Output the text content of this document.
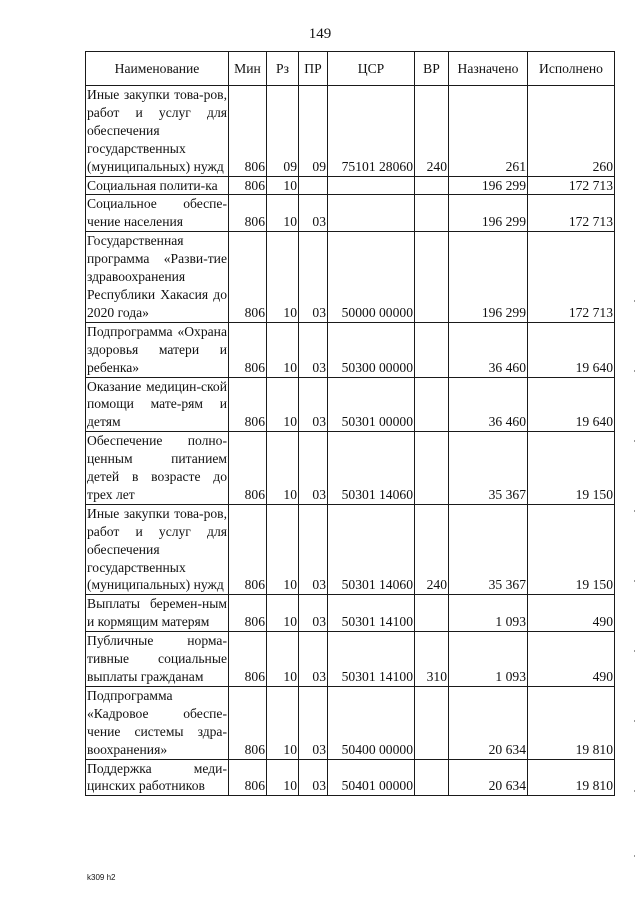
149
Наименование	Мин	Рз	ПР	ЦСР	ВР	Назначено	Исполнено
Иные закупки това-ров, работ и услуг для обеспечения государственных (муниципальных) нужд	806	09	09	75101 28060	240	261	260
Социальная полити-ка	806	10				196 299	172 713
Социальное обеспе-чение населения	806	10	03			196 299	172 713
Государственная программа «Разви-тие здравоохранения Республики Хакасия до 2020 года»	806	10	03	50000 00000		196 299	172 713
Подпрограмма «Охрана здоровья матери и ребенка»	806	10	03	50300 00000		36 460	19 640
Оказание медицин-ской помощи мате-рям и детям	806	10	03	50301 00000		36 460	19 640
Обеспечение полно-ценным питанием детей в возрасте до трех лет	806	10	03	50301 14060		35 367	19 150
Иные закупки това-ров, работ и услуг для обеспечения государственных (муниципальных) нужд	806	10	03	50301 14060	240	35 367	19 150
Выплаты беремен-ным и кормящим матерям	806	10	03	50301 14100		1 093	490
Публичные норма-тивные социальные выплаты гражданам	806	10	03	50301 14100	310	1 093	490
Подпрограмма «Кадровое обеспе-чение системы здра-воохранения»	806	10	03	50400 00000		20 634	19 810
Поддержка меди-цинских работников	806	10	03	50401 00000		20 634	19 810
k309 h2
